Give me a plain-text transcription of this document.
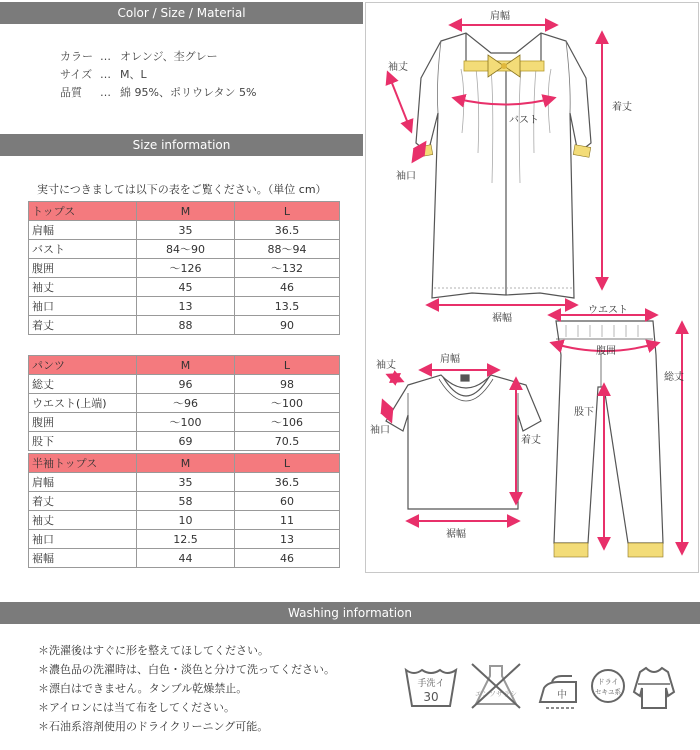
Color / Size / Material
カラー … オレンジ、杢グレー
サイズ … M、L
品質	… 綿 95%、ポリウレタン 5%
Size information
実寸につきましては以下の表をご覧ください。（単位 cm）
トップス	M	L
肩幅	35	36.5
バスト	84〜90	88〜94
腹囲	〜126	〜132
袖丈	45	46
袖口	13	13.5
着丈	88	90
パンツ	M	L
総丈	96	98
ウエスト(上端)	〜96	〜100
腹囲	〜100	〜106
股下	69	70.5
半袖トップス	M	L
肩幅	35	36.5
着丈	58	60
袖丈	10	11
袖口	12.5	13
裾幅	44	46
肩幅
袖丈
バスト
袖口
着丈
裾幅
袖丈
肩幅
袖口
着丈
裾幅
ウエスト
腹囲
総丈
股下
Washing information
＊洗濯後はすぐに形を整えてほしてください。
＊濃色品の洗濯時は、白色・淡色と分けて洗ってください。
＊漂白はできません。タンブル乾燥禁止。
＊アイロンには当て布をしてください。
＊石油系溶剤使用のドライクリーニング可能。
手洗イ
30	エンソサラシ	中
ドライ
セキユ系
